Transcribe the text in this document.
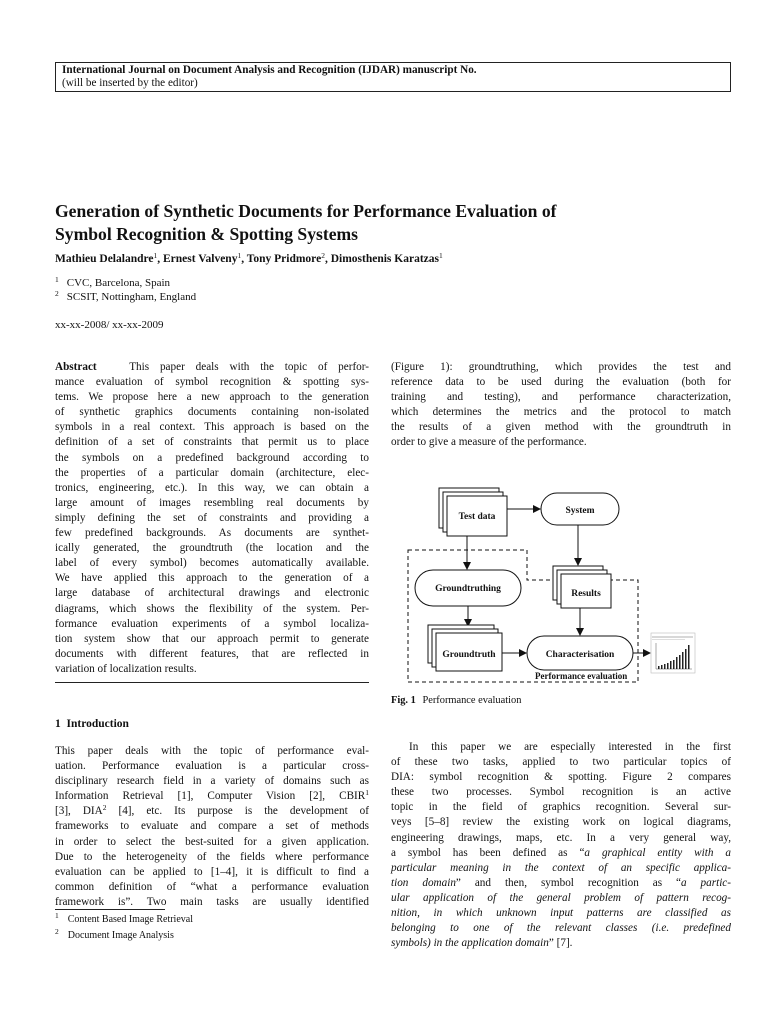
International Journal on Document Analysis and Recognition (IJDAR) manuscript No.
(will be inserted by the editor)
Generation of Synthetic Documents for Performance Evaluation of
Symbol Recognition & Spotting Systems
Mathieu Delalandre$^1$, Ernest Valveny$^1$, Tony Pridmore$^2$, Dimosthenis Karatzas$^1$
$^1$ CVC, Barcelona, Spain
$^2$ SCSIT, Nottingham, England
xx-xx-2008/ xx-xx-2009
Abstract	This paper deals with the topic of perfor-
mance evaluation of symbol recognition & spotting sys-
tems. We propose here a new approach to the generation
of synthetic graphics documents containing non-isolated
symbols in a real context. This approach is based on the
definition of a set of constraints that permit us to place
the symbols on a predefined background according to
the properties of a particular domain (architecture, elec-
tronics, engineering, etc.). In this way, we can obtain a
large amount of images resembling real documents by
simply defining the set of constraints and providing a
few predefined backgrounds. As documents are synthet-
ically generated, the groundtruth (the location and the
label of every symbol) becomes automatically available.
We have applied this approach to the generation of a
large database of architectural drawings and electronic
diagrams, which shows the flexibility of the system. Per-
formance evaluation experiments of a symbol localiza-
tion system show that our approach permit to generate
documents with different features, that are reflected in
variation of localization results.
(Figure 1): groundtruthing, which provides the test and
reference data to be used during the evaluation (both for
training and testing), and performance characterization,
which determines the metrics and the protocol to match
the results of a given method with the groundtruth in
order to give a measure of the performance.
Test data
System
Results
Groundtruthing
Groundtruth	Characterisation
Performance evaluation
Fig. 1 Performance evaluation
1 Introduction
This paper deals with the topic of performance eval-
uation. Performance evaluation is a particular cross-
disciplinary research field in a variety of domains such as
Information Retrieval [1], Computer Vision [2], CBIR$^1$
[3], DIA$^2$ [4], etc. Its purpose is the development of
frameworks to evaluate and compare a set of methods
in order to select the best-suited for a given application.
Due to the heterogeneity of the fields where performance
evaluation can be applied to [1–4], it is difficult to find a
common definition of “what a performance evaluation
framework is”. Two main tasks are usually identified
$^1$ Content Based Image Retrieval
$^2$ Document Image Analysis
In this paper we are especially interested in the first
of these two tasks, applied to two particular topics of
DIA: symbol recognition & spotting. Figure 2 compares
these two processes. Symbol recognition is an active
topic in the field of graphics recognition. Several sur-
veys [5–8] review the existing work on logical diagrams,
engineering drawings, maps, etc. In a very general way,
a symbol has been defined as “a graphical entity with a
particular meaning in the context of an specific applica-
tion domain” and then, symbol recognition as “a partic-
ular application of the general problem of pattern recog-
nition, in which unknown input patterns are classified as
belonging to one of the relevant classes (i.e. predefined
symbols) in the application domain” [7].
